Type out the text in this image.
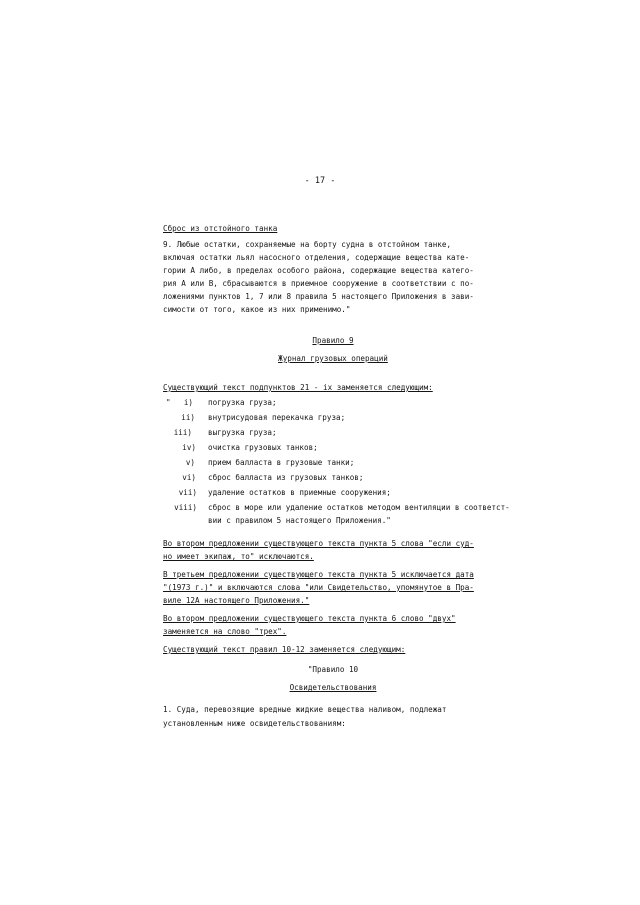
- 17 -
Сброс из отстойного танка
9. Любые остатки, сохраняемые на борту судна в отстойном танке,
включая остатки льял насосного отделения, содержащие вещества кате-
гории А либо, в пределах особого района, содержащие вещества катего-
рия А или В, сбрасываются в приемное сооружение в соответствии с по-
ложениями пунктов 1, 7 или 8 правила 5 настоящего Приложения в зави-
симости от того, какое из них применимо."
Правило 9
Журнал грузовых операций
Существующий текст подпунктов 21 - ix заменяется следующим:
"	i) погрузка груза;
ii) внутрисудовая перекачка груза;
iii) выгрузка груза;
iv) очистка грузовых танков;
v) прием балласта в грузовые танки;
vi) сброс балласта из грузовых танков;
vii) удаление остатков в приемные сооружения;
viii) сброс в море или удаление остатков методом вентиляции в соответст-
вии с правилом 5 настоящего Приложения."
Во втором предложении существующего текста пункта 5 слова "если суд-
но имеет экипаж, то" исключаются.
В третьем предложении существующего текста пункта 5 исключается дата
"(1973 г.)" и включаются слова "или Свидетельство, упомянутое в Пра-
виле 12А настоящего Приложения."
Во втором предложении существующего текста пункта 6 слово "двух"
заменяется на слово "трех".
Существующий текст правил 10-12 заменяется следующим:
"Правило 10
Освидетельствования
1. Суда, перевозящие вредные жидкие вещества наливом, подлежат
установленным ниже освидетельствованиям:
